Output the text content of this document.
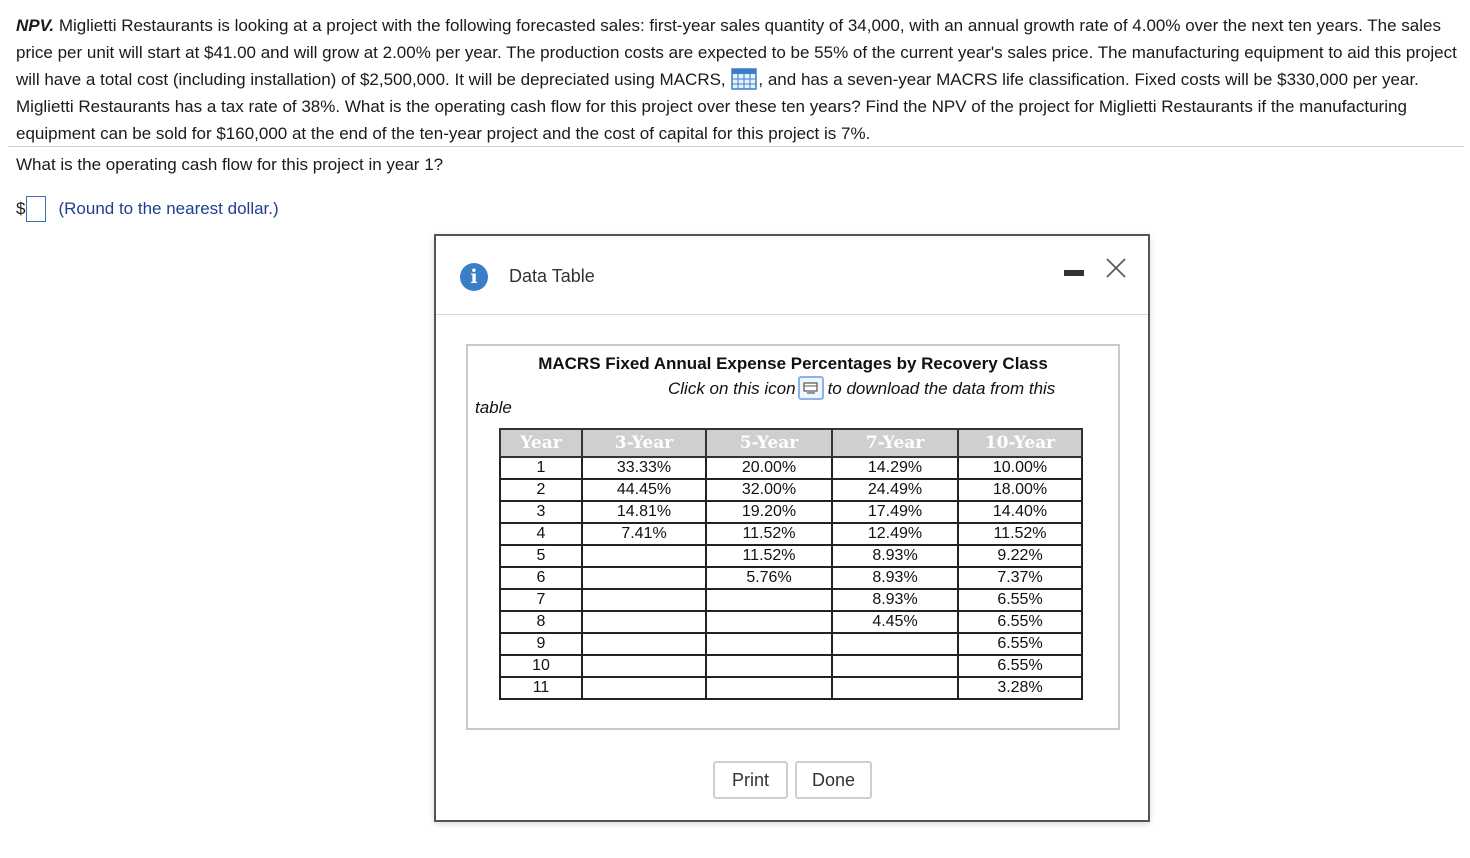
NPV. Miglietti Restaurants is looking at a project with the following forecasted sales: first-year sales quantity of 34,000, with an annual growth rate of 4.00% over the next ten years. The sales price per unit will start at $41.00 and will grow at 2.00% per year. The production costs are expected to be 55% of the current year's sales price. The manufacturing equipment to aid this project will have a total cost (including installation) of $2,500,000. It will be depreciated using MACRS, , and has a seven-year MACRS life classification. Fixed costs will be $330,000 per year. Miglietti Restaurants has a tax rate of 38%. What is the operating cash flow for this project over these ten years? Find the NPV of the project for Miglietti Restaurants if the manufacturing equipment can be sold for $160,000 at the end of the ten-year project and the cost of capital for this project is 7%.

What is the operating cash flow for this project in year 1?
$ (Round to the nearest dollar.)
i	Data Table
MACRS Fixed Annual Expense Percentages by Recovery Class
Click on this icon to download the data from this
table
Year	3-Year	5-Year	7-Year	10-Year
1	33.33%	20.00%	14.29%	10.00%
2	44.45%	32.00%	24.49%	18.00%
3	14.81%	19.20%	17.49%	14.40%
4	7.41%	11.52%	12.49%	11.52%
5		11.52%	8.93%	9.22%
6		5.76%	8.93%	7.37%
7			8.93%	6.55%
8			4.45%	6.55%
9				6.55%
10				6.55%
11				3.28%
Print	Done
